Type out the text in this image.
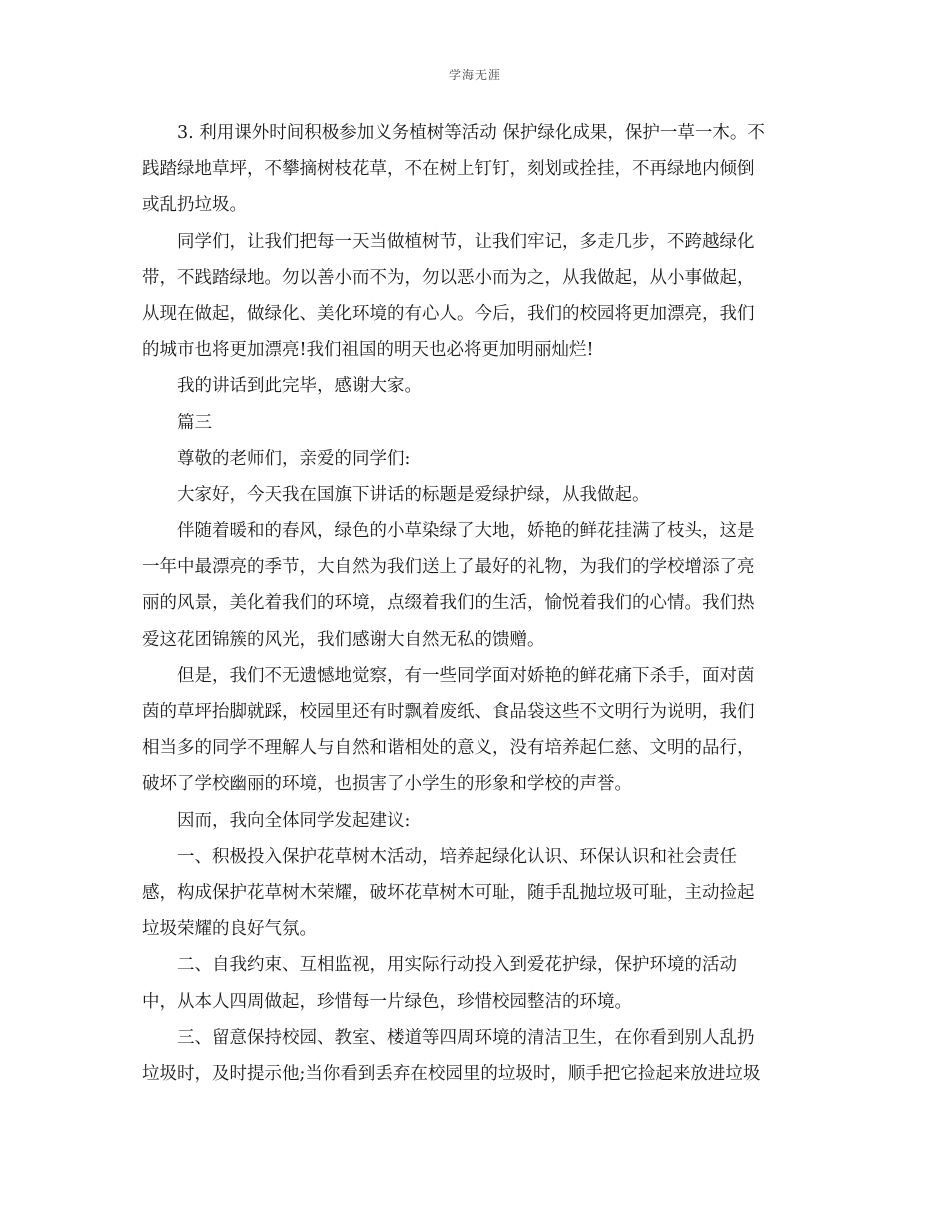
学海无涯
3. 利用课外时间积极参加义务植树等活动 保护绿化成果，保护一草一木。不
践踏绿地草坪，不攀摘树枝花草，不在树上钉钉，刻划或拴挂，不再绿地内倾倒
或乱扔垃圾。
同学们，让我们把每一天当做植树节，让我们牢记，多走几步，不跨越绿化
带，不践踏绿地。勿以善小而不为，勿以恶小而为之，从我做起，从小事做起，
从现在做起，做绿化、美化环境的有心人。今后，我们的校园将更加漂亮，我们
的城市也将更加漂亮!我们祖国的明天也必将更加明丽灿烂!
我的讲话到此完毕，感谢大家。
篇三
尊敬的老师们，亲爱的同学们:
大家好，今天我在国旗下讲话的标题是爱绿护绿，从我做起。
伴随着暖和的春风，绿色的小草染绿了大地，娇艳的鲜花挂满了枝头，这是
一年中最漂亮的季节，大自然为我们送上了最好的礼物，为我们的学校增添了亮
丽的风景，美化着我们的环境，点缀着我们的生活，愉悦着我们的心情。我们热
爱这花团锦簇的风光，我们感谢大自然无私的馈赠。
但是，我们不无遗憾地觉察，有一些同学面对娇艳的鲜花痛下杀手，面对茵
茵的草坪抬脚就踩，校园里还有时飘着废纸、食品袋这些不文明行为说明，我们
相当多的同学不理解人与自然和谐相处的意义，没有培养起仁慈、文明的品行，
破坏了学校幽丽的环境，也损害了小学生的形象和学校的声誉。
因而，我向全体同学发起建议:
一、积极投入保护花草树木活动，培养起绿化认识、环保认识和社会责任
感，构成保护花草树木荣耀，破坏花草树木可耻，随手乱抛垃圾可耻，主动捡起
垃圾荣耀的良好气氛。
二、自我约束、互相监视，用实际行动投入到爱花护绿，保护环境的活动
中，从本人四周做起，珍惜每一片绿色，珍惜校园整洁的环境。
三、留意保持校园、教室、楼道等四周环境的清洁卫生，在你看到别人乱扔
垃圾时，及时提示他;当你看到丢弃在校园里的垃圾时，顺手把它捡起来放进垃圾
